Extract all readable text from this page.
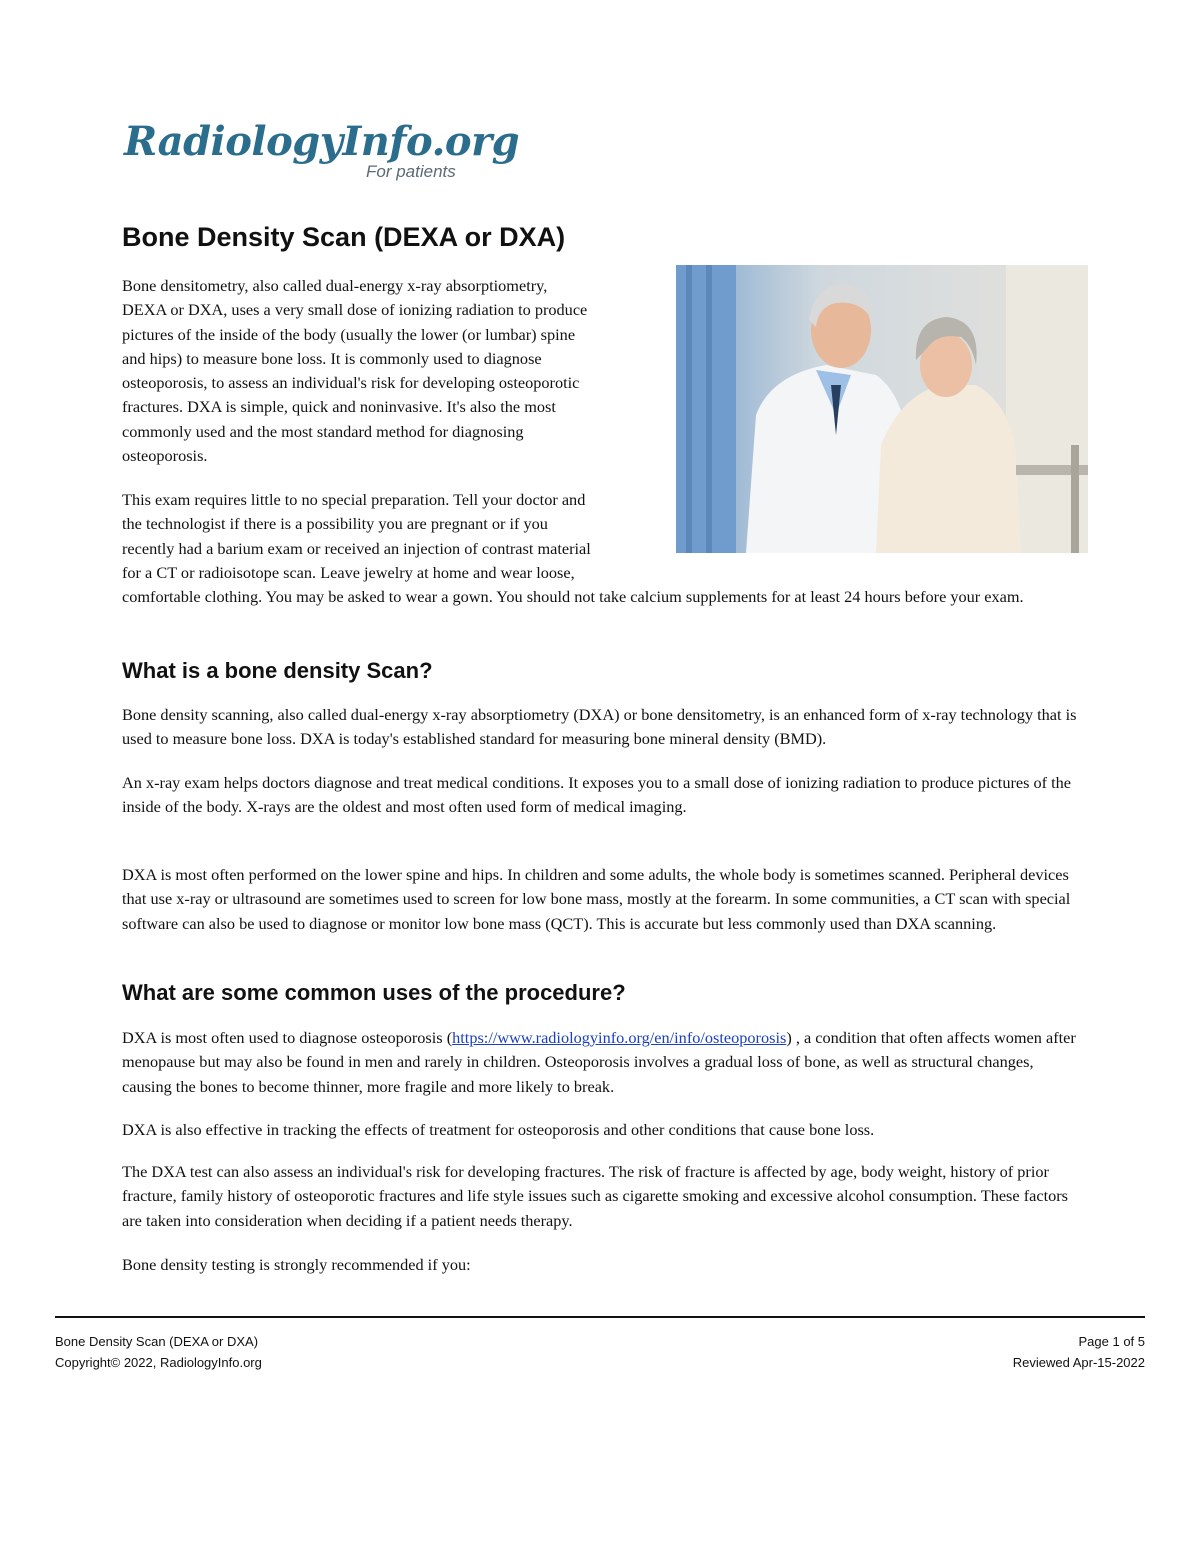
RadiologyInfo.org
For patients
Bone Density Scan (DEXA or DXA)
Bone densitometry, also called dual-energy x-ray absorptiometry,
DEXA or DXA, uses a very small dose of ionizing radiation to produce
pictures of the inside of the body (usually the lower (or lumbar) spine
and hips) to measure bone loss. It is commonly used to diagnose
osteoporosis, to assess an individual's risk for developing osteoporotic
fractures. DXA is simple, quick and noninvasive. It's also the most
commonly used and the most standard method for diagnosing
osteoporosis.
This exam requires little to no special preparation. Tell your doctor and
the technologist if there is a possibility you are pregnant or if you
recently had a barium exam or received an injection of contrast material
for a CT or radioisotope scan. Leave jewelry at home and wear loose,

comfortable clothing. You may be asked to wear a gown. You should not take calcium supplements for at least 24 hours before your exam.

What is a bone density Scan?

Bone density scanning, also called dual-energy x-ray absorptiometry (DXA) or bone densitometry, is an enhanced form of x-ray technology that is used to measure bone loss. DXA is today's established standard for measuring bone mineral density (BMD).

An x-ray exam helps doctors diagnose and treat medical conditions. It exposes you to a small dose of ionizing radiation to produce pictures of the inside of the body. X-rays are the oldest and most often used form of medical imaging.

DXA is most often performed on the lower spine and hips. In children and some adults, the whole body is sometimes scanned. Peripheral devices that use x-ray or ultrasound are sometimes used to screen for low bone mass, mostly at the forearm. In some communities, a CT scan with special software can also be used to diagnose or monitor low bone mass (QCT). This is accurate but less commonly used than DXA scanning.

What are some common uses of the procedure?

DXA is most often used to diagnose osteoporosis (https://www.radiologyinfo.org/en/info/osteoporosis) , a condition that often affects women after menopause but may also be found in men and rarely in children. Osteoporosis involves a gradual loss of bone, as well as structural changes, causing the bones to become thinner, more fragile and more likely to break.

DXA is also effective in tracking the effects of treatment for osteoporosis and other conditions that cause bone loss.

The DXA test can also assess an individual's risk for developing fractures. The risk of fracture is affected by age, body weight, history of prior fracture, family history of osteoporotic fractures and life style issues such as cigarette smoking and excessive alcohol consumption. These factors are taken into consideration when deciding if a patient needs therapy.

Bone density testing is strongly recommended if you:

Bone Density Scan (DEXA or DXA)
Copyright© 2022, RadiologyInfo.org
Page 1 of 5
Reviewed Apr-15-2022
